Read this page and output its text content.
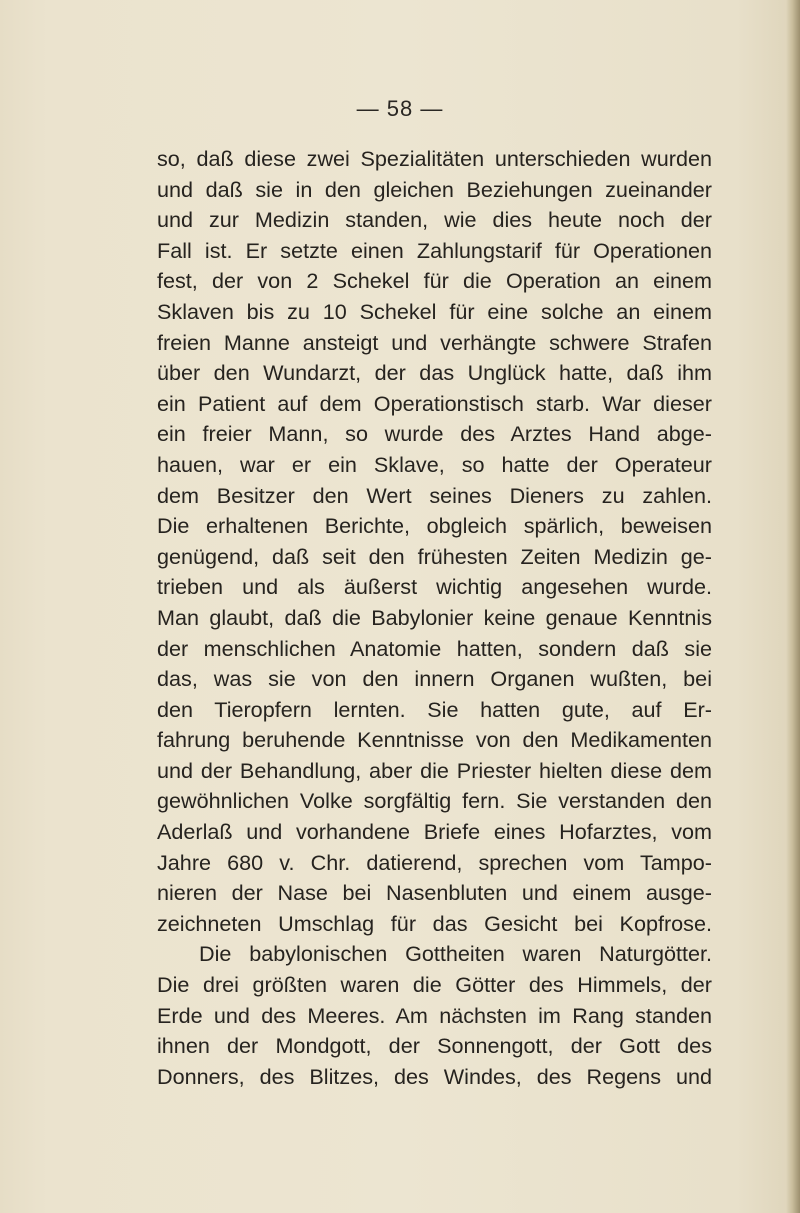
— 58 —
so, daß diese zwei Spezialitäten unterschieden wurden
und daß sie in den gleichen Beziehungen zueinander
und zur Medizin standen, wie dies heute noch der
Fall ist. Er setzte einen Zahlungstarif für Operationen
fest, der von 2 Schekel für die Operation an einem
Sklaven bis zu 10 Schekel für eine solche an einem
freien Manne ansteigt und verhängte schwere Strafen
über den Wundarzt, der das Unglück hatte, daß ihm
ein Patient auf dem Operationstisch starb. War dieser
ein freier Mann, so wurde des Arztes Hand abge-
hauen, war er ein Sklave, so hatte der Operateur
dem Besitzer den Wert seines Dieners zu zahlen.
Die erhaltenen Berichte, obgleich spärlich, beweisen
genügend, daß seit den frühesten Zeiten Medizin ge-
trieben und als äußerst wichtig angesehen wurde.
Man glaubt, daß die Babylonier keine genaue Kenntnis
der menschlichen Anatomie hatten, sondern daß sie
das, was sie von den innern Organen wußten, bei
den Tieropfern lernten. Sie hatten gute, auf Er-
fahrung beruhende Kenntnisse von den Medikamenten
und der Behandlung, aber die Priester hielten diese dem
gewöhnlichen Volke sorgfältig fern. Sie verstanden den
Aderlaß und vorhandene Briefe eines Hofarztes, vom
Jahre 680 v. Chr. datierend, sprechen vom Tampo-
nieren der Nase bei Nasenbluten und einem ausge-
zeichneten Umschlag für das Gesicht bei Kopfrose.
Die babylonischen Gottheiten waren Naturgötter.
Die drei größten waren die Götter des Himmels, der
Erde und des Meeres. Am nächsten im Rang standen
ihnen der Mondgott, der Sonnengott, der Gott des
Donners, des Blitzes, des Windes, des Regens und
